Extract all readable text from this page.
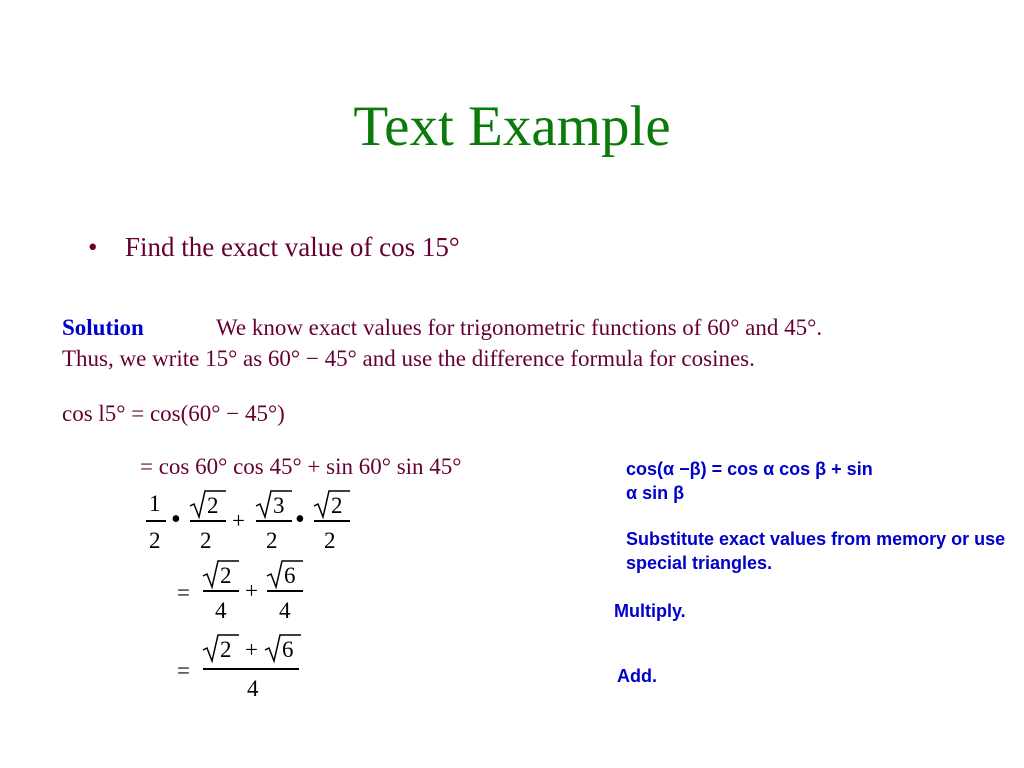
Text Example
• Find the exact value of cos 15°
Solution	We know exact values for trigonometric functions of 60° and 45°.
Thus, we write 15° as 60° − 45° and use the difference formula for cosines.
cos l5° = cos(60° − 45°)
= cos 60° cos 45° + sin 60° sin 45°
1
2
• 2
2
+
3
2
• 2
2
=
2
4
+
6
4
=
2 + 6
4
cos(α −β) = cos α cos β + sin
α sin β
Substitute exact values from memory or use special triangles.
Multiply.
Add.
